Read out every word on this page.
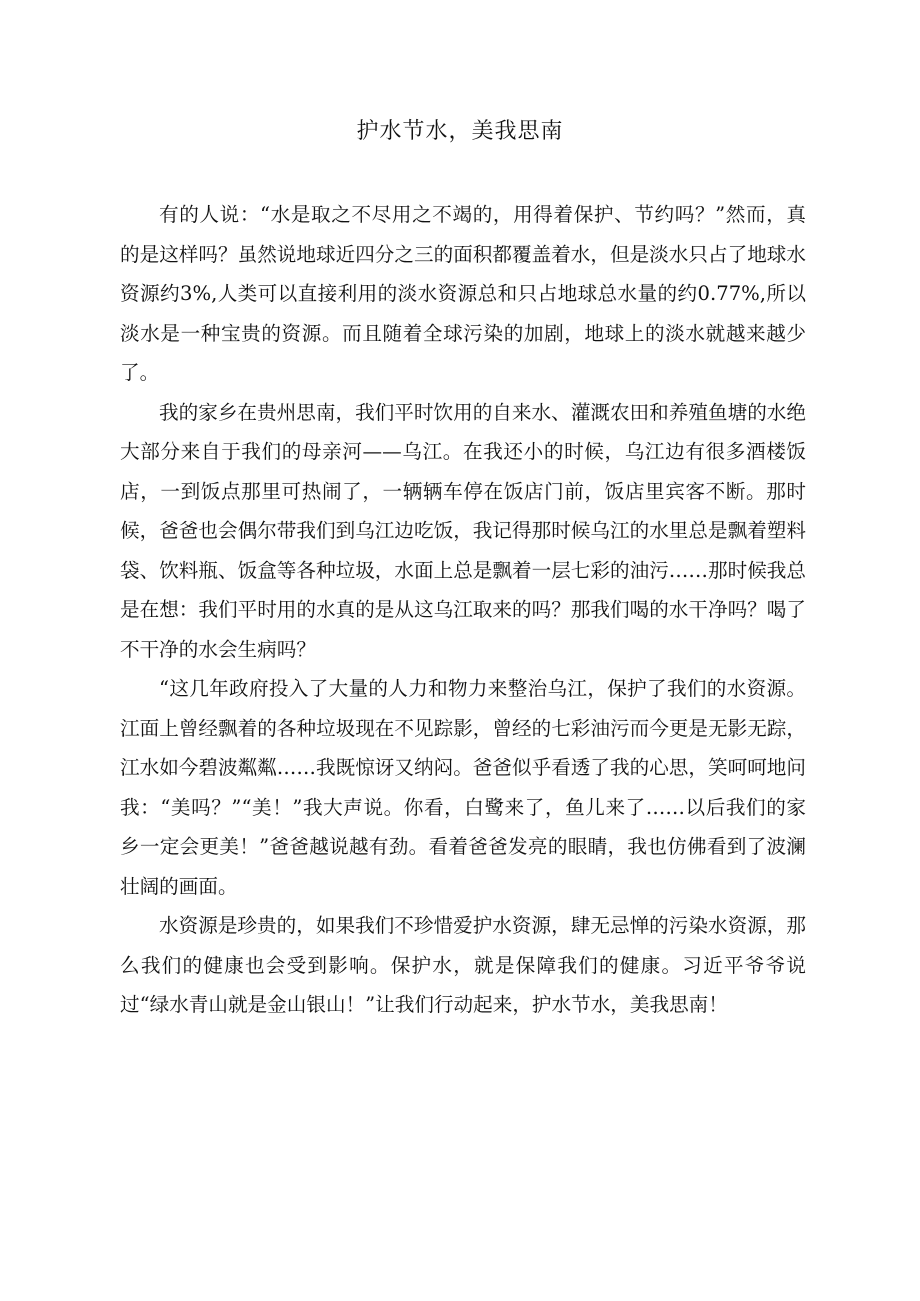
护水节水，美我思南

有的人说：“水是取之不尽用之不竭的，用得着保护、节约吗？”然而，真的是这样吗？虽然说地球近四分之三的面积都覆盖着水，但是淡水只占了地球水资源约3%,人类可以直接利用的淡水资源总和只占地球总水量的约0.77%,所以淡水是一种宝贵的资源。而且随着全球污染的加剧，地球上的淡水就越来越少了。

我的家乡在贵州思南，我们平时饮用的自来水、灌溉农田和养殖鱼塘的水绝大部分来自于我们的母亲河——乌江。在我还小的时候，乌江边有很多酒楼饭店，一到饭点那里可热闹了，一辆辆车停在饭店门前，饭店里宾客不断。那时候，爸爸也会偶尔带我们到乌江边吃饭，我记得那时候乌江的水里总是飘着塑料袋、饮料瓶、饭盒等各种垃圾，水面上总是飘着一层七彩的油污……那时候我总是在想：我们平时用的水真的是从这乌江取来的吗？那我们喝的水干净吗？喝了不干净的水会生病吗？

“这几年政府投入了大量的人力和物力来整治乌江，保护了我们的水资源。江面上曾经飘着的各种垃圾现在不见踪影，曾经的七彩油污而今更是无影无踪，江水如今碧波粼粼……我既惊讶又纳闷。爸爸似乎看透了我的心思，笑呵呵地问我：“美吗？”“美！”我大声说。你看，白鹭来了，鱼儿来了……以后我们的家乡一定会更美！”爸爸越说越有劲。看着爸爸发亮的眼睛，我也仿佛看到了波澜壮阔的画面。

水资源是珍贵的，如果我们不珍惜爱护水资源，肆无忌惮的污染水资源，那么我们的健康也会受到影响。保护水，就是保障我们的健康。习近平爷爷说过“绿水青山就是金山银山！”让我们行动起来，护水节水，美我思南！
